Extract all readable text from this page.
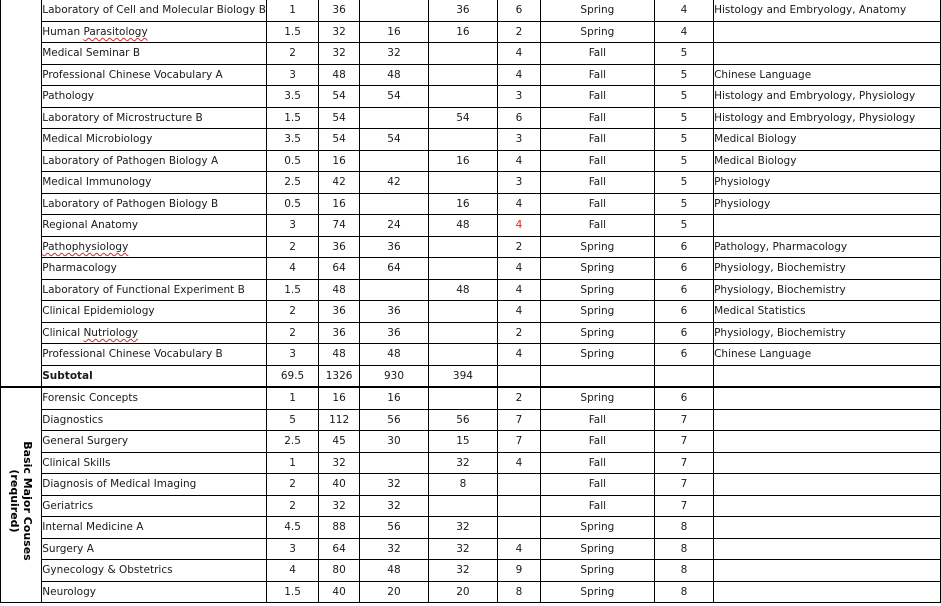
	Laboratory of Cell and Molecular Biology B	1	36		36	6	Spring	4	Histology and Embryology, Anatomy
	Human Parasitology	1.5	32	16	16	2	Spring	4	
	Medical Seminar B	2	32	32		4	Fall	5	
	Professional Chinese Vocabulary A	3	48	48		4	Fall	5	Chinese Language
	Pathology	3.5	54	54		3	Fall	5	Histology and Embryology, Physiology
	Laboratory of Microstructure B	1.5	54		54	6	Fall	5	Histology and Embryology, Physiology
	Medical Microbiology	3.5	54	54		3	Fall	5	Medical Biology
	Laboratory of Pathogen Biology A	0.5	16		16	4	Fall	5	Medical Biology
	Medical Immunology	2.5	42	42		3	Fall	5	Physiology
	Laboratory of Pathogen Biology B	0.5	16		16	4	Fall	5	Physiology
	Regional Anatomy	3	74	24	48	4	Fall	5	
	Pathophysiology	2	36	36		2	Spring	6	Pathology, Pharmacology
	Pharmacology	4	64	64		4	Spring	6	Physiology, Biochemistry
	Laboratory of Functional Experiment B	1.5	48		48	4	Spring	6	Physiology, Biochemistry
	Clinical Epidemiology	2	36	36		4	Spring	6	Medical Statistics
	Clinical Nutriology	2	36	36		2	Spring	6	Physiology, Biochemistry
	Professional Chinese Vocabulary B	3	48	48		4	Spring	6	Chinese Language
	Subtotal	69.5	1326	930	394				
	Forensic Concepts	1	16	16		2	Spring	6	
	Diagnostics	5	112	56	56	7	Fall	7	
	General Surgery	2.5	45	30	15	7	Fall	7	
	Clinical Skills	1	32		32	4	Fall	7	
	Diagnosis of Medical Imaging	2	40	32	8		Fall	7	
	Geriatrics	2	32	32			Fall	7	
	Internal Medicine A	4.5	88	56	32		Spring	8	
	Surgery A	3	64	32	32	4	Spring	8	
	Gynecology & Obstetrics	4	80	48	32	9	Spring	8	
	Neurology	1.5	40	20	20	8	Spring	8	
Basic Major Couses (required)
